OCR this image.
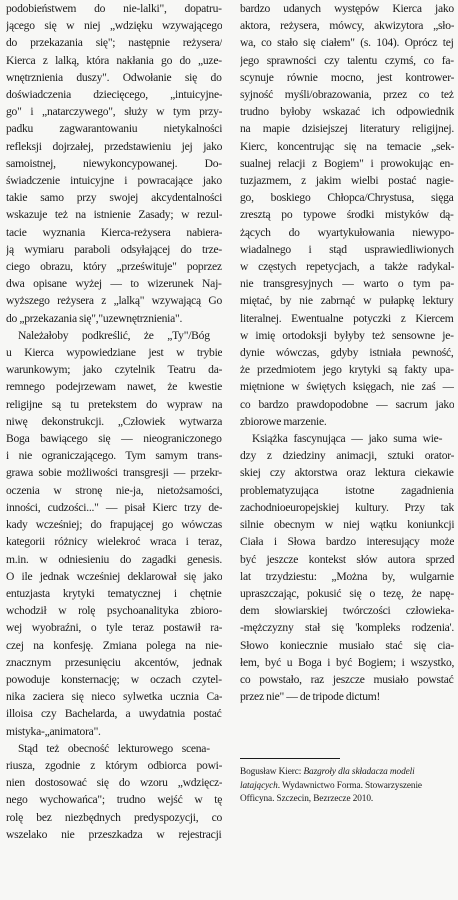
podobieństwem do nie-lalki", dopatru-
jącego się w niej „wdzięku wzywającego
do przekazania się"; następnie reżysera/
Kierca z lalką, która nakłania go do „uze-
wnętrznienia duszy". Odwołanie się do
doświadczenia dziecięcego, „intuicyjne-
go" i „natarczywego", służy w tym przy-
padku zagwarantowaniu nietykalności
refleksji dojrzałej, przedstawieniu jej jako
samoistnej, niewykoncypowanej. Do-
świadczenie intuicyjne i powracające jako
takie samo przy swojej akcydentalności
wskazuje też na istnienie Zasady; w rezul-
tacie wyznania Kierca-reżysera nabiera-
ją wymiaru paraboli odsyłającej do trze-
ciego obrazu, który „prześwituje" poprzez
dwa opisane wyżej — to wizerunek Naj-
wyższego reżysera z „lalką" wzywającą Go
do „przekazania się","uzewnętrznienia".
Należałoby podkreślić, że „Ty"/Bóg
u Kierca wypowiedziane jest w trybie
warunkowym; jako czytelnik Teatru da-
remnego podejrzewam nawet, że kwestie
religijne są tu pretekstem do wypraw na
niwę dekonstrukcji. „Człowiek wytwarza
Boga bawiącego się — nieograniczonego
i nie ograniczającego. Tym samym trans-
grawa sobie możliwości transgresji — przekr-
oczenia w stronę nie-ja, nietożsamości,
inności, cudzości..." — pisał Kierc trzy de-
kady wcześniej; do frapującej go wówczas
kategorii różnicy wielekroć wraca i teraz,
m.in. w odniesieniu do zagadki genesis.
O ile jednak wcześniej deklarował się jako
entuzjasta krytyki tematycznej i chętnie
wchodził w rolę psychoanalityka zbioro-
wej wyobraźni, o tyle teraz postawił ra-
czej na konfesję. Zmiana polega na nie-
znacznym przesunięciu akcentów, jednak
powoduje konsternację; w oczach czytel-
nika zaciera się nieco sylwetka ucznia Ca-
illoisa czy Bachelarda, a uwydatnia postać
mistyka-„animatora".
Stąd też obecność lekturowego scena-
riusza, zgodnie z którym odbiorca powi-
nien dostosować się do wzoru „wdzięcz-
nego wychowańca"; trudno wejść w tę
rolę bez niezbędnych predyspozycji, co
wszelako nie przeszkadza w rejestracji
bardzo udanych występów Kierca jako
aktora, reżysera, mówcy, akwizytora „sło-
wa, co stało się ciałem" (s. 104). Oprócz tej
jego sprawności czy talentu czymś, co fa-
scynuje równie mocno, jest kontrower-
syjność myśli/obrazowania, przez co też
trudno byłoby wskazać ich odpowiednik
na mapie dzisiejszej literatury religijnej.
Kierc, koncentrując się na temacie „sek-
sualnej relacji z Bogiem" i prowokując en-
tuzjazmem, z jakim wielbi postać nagie-
go, boskiego Chłopca/Chrystusa, sięga
zresztą po typowe środki mistyków dą-
żących do wyartykułowania niewypo-
wiadalnego i stąd usprawiedliwionych
w częstych repetycjach, a także radykal-
nie transgresyjnych — warto o tym pa-
miętać, by nie zabrnąć w pułapkę lektury
literalnej. Ewentualne potyczki z Kiercem
w imię ortodoksji byłyby też sensowne je-
dynie wówczas, gdyby istniała pewność,
że przedmiotem jego krytyki są fakty upa-
miętnione w świętych księgach, nie zaś —
co bardzo prawdopodobne — sacrum jako
zbiorowe marzenie.
Książka fascynująca — jako suma wie-
dzy z dziedziny animacji, sztuki orator-
skiej czy aktorstwa oraz lektura ciekawie
problematyzująca istotne zagadnienia
zachodnioeuropejskiej kultury. Przy tak
silnie obecnym w niej wątku koniunkcji
Ciała i Słowa bardzo interesujący może
być jeszcze kontekst słów autora sprzed
lat trzydziestu: „Można by, wulgarnie
upraszczając, pokusić się o tezę, że napę-
dem słowiarskiej twórczości człowieka-
-mężczyzny stał się 'kompleks rodzenia'.
Słowo koniecznie musiało stać się cia-
łem, być u Boga i być Bogiem; i wszystko,
co powstało, raz jeszcze musiało powstać
przez nie" — de tripode dictum!
Bogusław Kierc: Bazgroły dla składacza modeli latających. Wydawnictwo Forma. Stowarzyszenie Officyna. Szczecin, Bezrzecze 2010.
